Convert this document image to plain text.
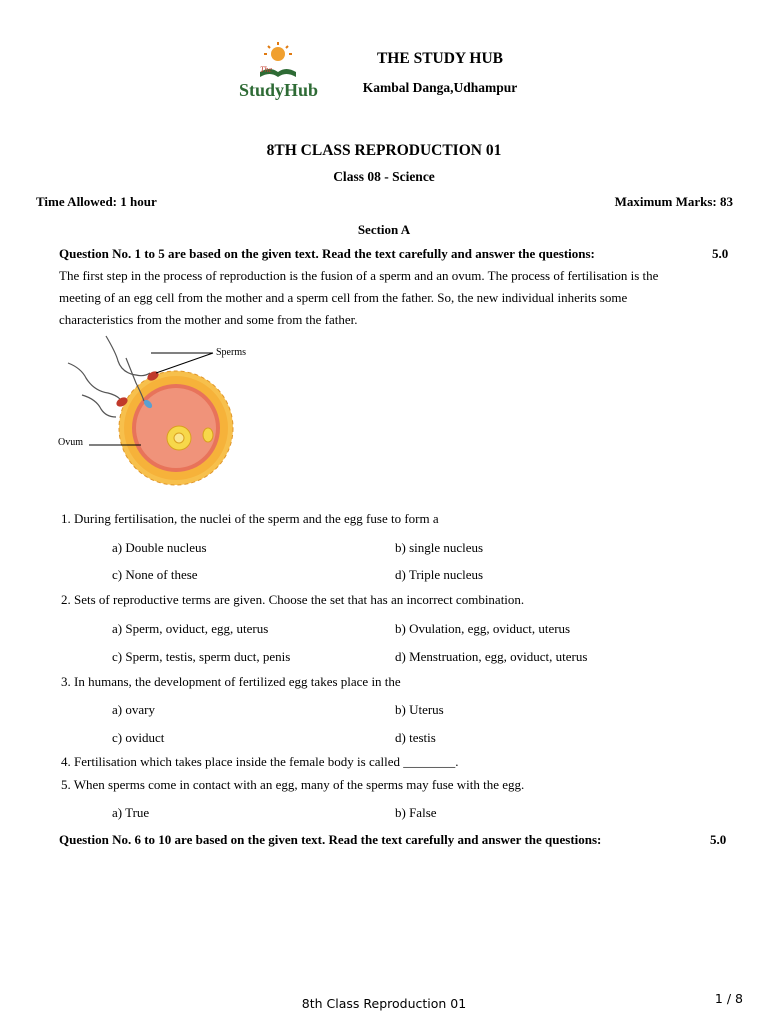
The
StudyHub
THE STUDY HUB
Kambal Danga,Udhampur
8TH CLASS REPRODUCTION 01
Class 08 - Science
Time Allowed: 1 hour	Maximum Marks: 83
Section A
Question No. 1 to 5 are based on the given text. Read the text carefully and answer the questions:	5.0
The first step in the process of reproduction is the fusion of a sperm and an ovum. The process of fertilisation is the
meeting of an egg cell from the mother and a sperm cell from the father. So, the new individual inherits some
characteristics from the mother and some from the father.
Sperms
Ovum
1. During fertilisation, the nuclei of the sperm and the egg fuse to form a
a) Double nucleus	b) single nucleus
c) None of these	d) Triple nucleus
2. Sets of reproductive terms are given. Choose the set that has an incorrect combination.
a) Sperm, oviduct, egg, uterus	b) Ovulation, egg, oviduct, uterus
c) Sperm, testis, sperm duct, penis	d) Menstruation, egg, oviduct, uterus
3. In humans, the development of fertilized egg takes place in the
a) ovary	b) Uterus
c) oviduct	d) testis
4. Fertilisation which takes place inside the female body is called ________.
5. When sperms come in contact with an egg, many of the sperms may fuse with the egg.
a) True	b) False
Question No. 6 to 10 are based on the given text. Read the text carefully and answer the questions:	5.0
8th Class Reproduction 01	1 / 8
